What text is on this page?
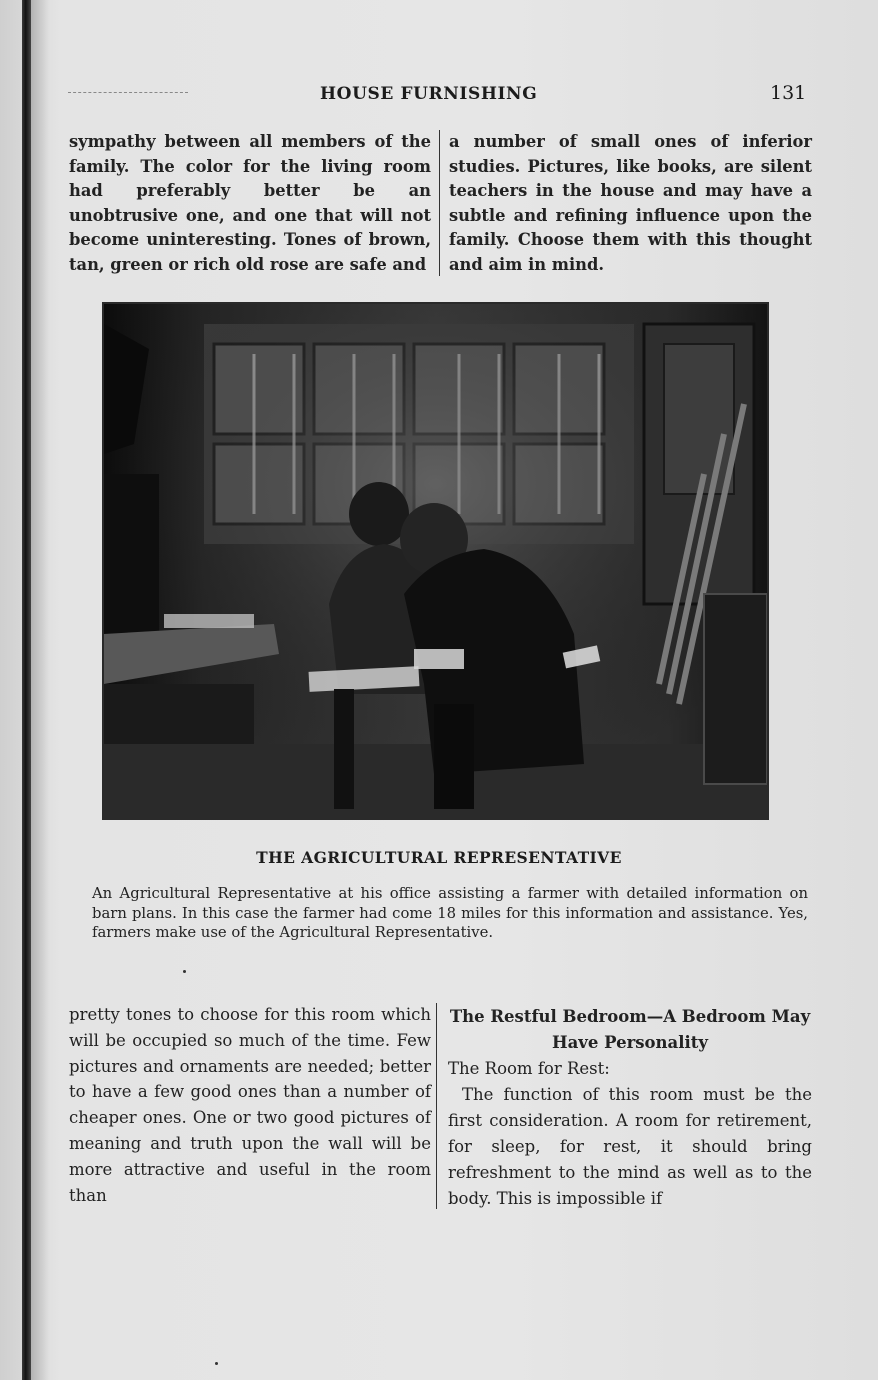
HOUSE FURNISHING	131

sympathy between all members of the family. The color for the living room had preferably better be an unobtrusive one, and one that will not become uninteresting. Tones of brown, tan, green or rich old rose are safe and

a number of small ones of inferior studies. Pictures, like books, are silent teachers in the house and may have a subtle and refining influence upon the family. Choose them with this thought and aim in mind.

THE AGRICULTURAL REPRESENTATIVE

An Agricultural Representative at his office assisting a farmer with detailed information on barn plans. In this case the farmer had come 18 miles for this information and assistance. Yes, farmers make use of the Agricultural Representative.

pretty tones to choose for this room which will be occupied so much of the time. Few pictures and ornaments are needed; better to have a few good ones than a number of cheaper ones. One or two good pictures of meaning and truth upon the wall will be more attractive and useful in the room than

The Restful Bedroom—A Bedroom May Have Personality

The Room for Rest:

The function of this room must be the first consideration. A room for retirement, for sleep, for rest, it should bring refreshment to the mind as well as to the body. This is impossible if
